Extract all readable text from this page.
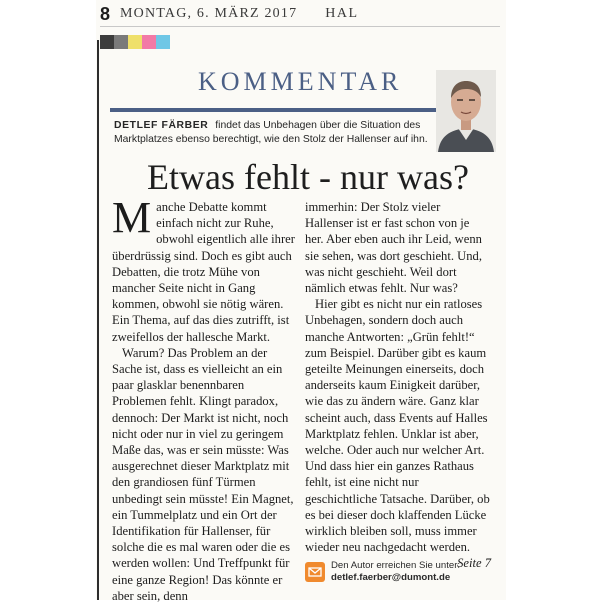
8 MONTAG, 6. MÄRZ 2017 HAL
KOMMENTAR
DETLEF FÄRBER findet das Unbehagen über die Situation des Marktplatzes ebenso berechtigt, wie den Stolz der Hallenser auf ihn.
Etwas fehlt - nur was?

Manche Debatte kommt einfach nicht zur Ruhe, obwohl eigentlich alle ihrer überdrüssig sind. Doch es gibt auch Debatten, die trotz Mühe von mancher Seite nicht in Gang kommen, obwohl sie nötig wären. Ein Thema, auf das dies zutrifft, ist zweifellos der hallesche Markt.

Warum? Das Problem an der Sache ist, dass es vielleicht an ein paar glasklar benennbaren Problemen fehlt. Klingt paradox, dennoch: Der Markt ist nicht, noch nicht oder nur in viel zu geringem Maße das, was er sein müsste: Was ausgerechnet dieser Marktplatz mit den grandiosen fünf Türmen unbedingt sein müsste! Ein Magnet, ein Tummelplatz und ein Ort der Identifikation für Hallenser, für solche die es mal waren oder die es werden wollen: Und Treffpunkt für eine ganze Region! Das könnte er aber sein, denn

immerhin: Der Stolz vieler Hallenser ist er fast schon von je her. Aber eben auch ihr Leid, wenn sie sehen, was dort geschieht. Und, was nicht geschieht. Weil dort nämlich etwas fehlt. Nur was?

Hier gibt es nicht nur ein ratloses Unbehagen, sondern doch auch manche Antworten: „Grün fehlt!“ zum Beispiel. Darüber gibt es kaum geteilte Meinungen einerseits, doch anderseits kaum Einigkeit darüber, wie das zu ändern wäre. Ganz klar scheint auch, dass Events auf Halles Marktplatz fehlen. Unklar ist aber, welche. Oder auch nur welcher Art. Und dass hier ein ganzes Rathaus fehlt, ist eine nicht nur geschichtliche Tatsache. Darüber, ob es bei dieser doch klaffenden Lücke wirklich bleiben soll, muss immer wieder neu nachgedacht werden.

Seite 7

Den Autor erreichen Sie unter:
detlef.faerber@dumont.de
